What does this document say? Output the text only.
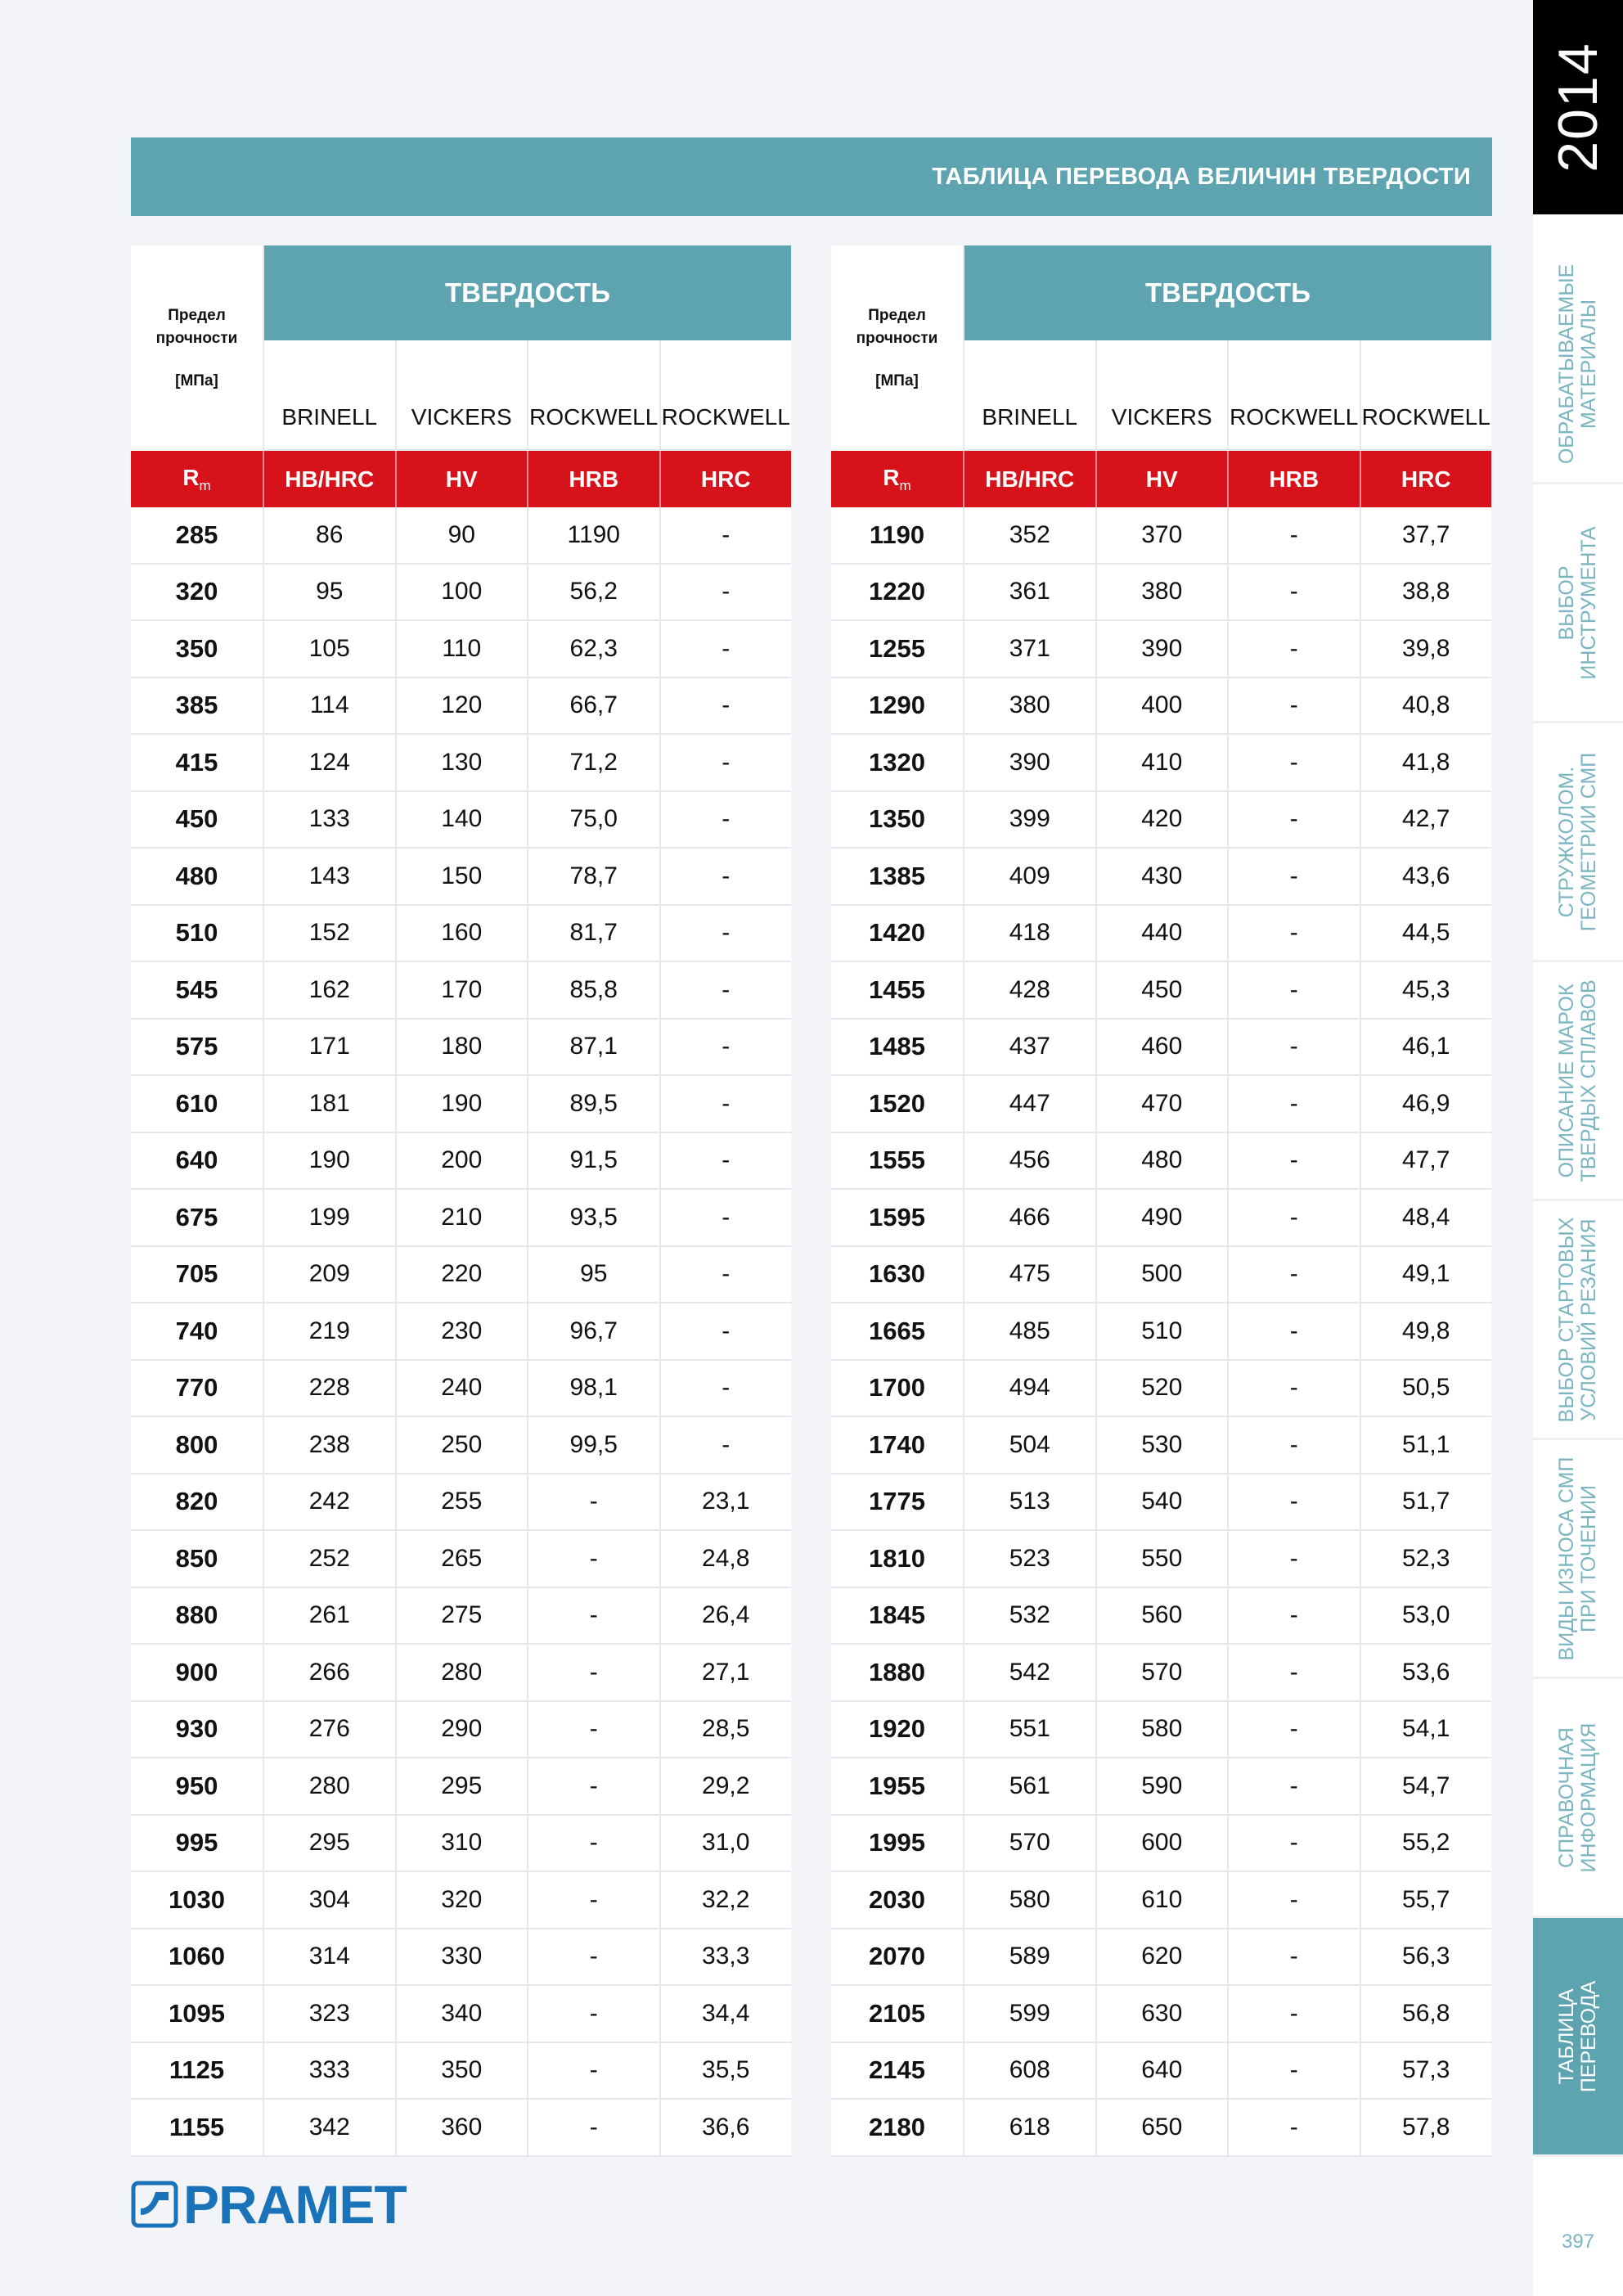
ТАБЛИЦА ПЕРЕВОДА ВЕЛИЧИН ТВЕРДОСТИ
Предел
прочности
[МПа]	ТВЕРДОСТЬ			
	BRINELL	VICKERS	ROCKWELL	ROCKWELL
$R_m$	HB/HRC	HV	HRB	HRC
285	86	90	1190	-
320	95	100	56,2	-
350	105	110	62,3	-
385	114	120	66,7	-
415	124	130	71,2	-
450	133	140	75,0	-
480	143	150	78,7	-
510	152	160	81,7	-
545	162	170	85,8	-
575	171	180	87,1	-
610	181	190	89,5	-
640	190	200	91,5	-
675	199	210	93,5	-
705	209	220	95	-
740	219	230	96,7	-
770	228	240	98,1	-
800	238	250	99,5	-
820	242	255	-	23,1
850	252	265	-	24,8
880	261	275	-	26,4
900	266	280	-	27,1
930	276	290	-	28,5
950	280	295	-	29,2
995	295	310	-	31,0
1030	304	320	-	32,2
1060	314	330	-	33,3
1095	323	340	-	34,4
1125	333	350	-	35,5
1155	342	360	-	36,6
Предел
прочности
[МПа]	ТВЕРДОСТЬ			
	BRINELL	VICKERS	ROCKWELL	ROCKWELL
$R_m$	HB/HRC	HV	HRB	HRC
1190	352	370	-	37,7
1220	361	380	-	38,8
1255	371	390	-	39,8
1290	380	400	-	40,8
1320	390	410	-	41,8
1350	399	420	-	42,7
1385	409	430	-	43,6
1420	418	440	-	44,5
1455	428	450	-	45,3
1485	437	460	-	46,1
1520	447	470	-	46,9
1555	456	480	-	47,7
1595	466	490	-	48,4
1630	475	500	-	49,1
1665	485	510	-	49,8
1700	494	520	-	50,5
1740	504	530	-	51,1
1775	513	540	-	51,7
1810	523	550	-	52,3
1845	532	560	-	53,0
1880	542	570	-	53,6
1920	551	580	-	54,1
1955	561	590	-	54,7
1995	570	600	-	55,2
2030	580	610	-	55,7
2070	589	620	-	56,3
2105	599	630	-	56,8
2145	608	640	-	57,3
2180	618	650	-	57,8
PRAMET
2014
ОБРАБАТЫВАЕМЫЕ
МАТЕРИАЛЫ
ВЫБОР
ИНСТРУМЕНТА
СТРУЖКОЛОМ.
ГЕОМЕТРИИ СМП
ОПИСАНИЕ МАРОК
ТВЕРДЫХ СПЛАВОВ
ВЫБОР СТАРТОВЫХ
УСЛОВИЙ РЕЗАНИЯ
ВИДЫ ИЗНОСА СМП
ПРИ ТОЧЕНИИ
СПРАВОЧНАЯ
ИНФОРМАЦИЯ
ТАБЛИЦА
ПЕРЕВОДА
397
